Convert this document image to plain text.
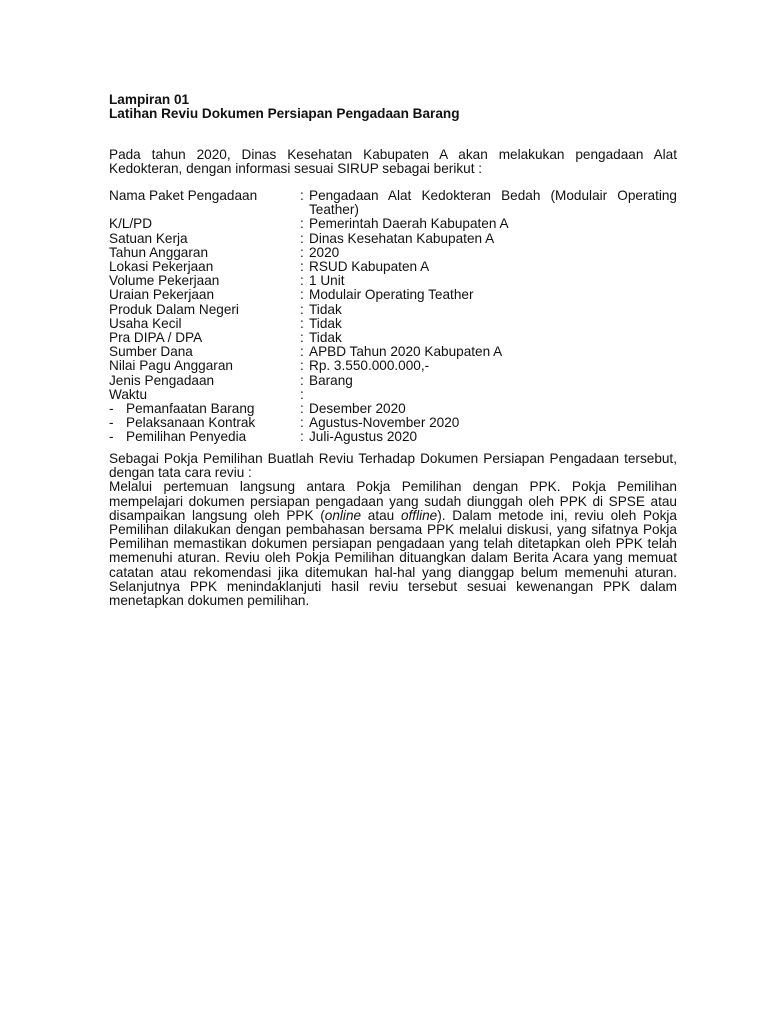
Lampiran 01
Latihan Reviu Dokumen Persiapan Pengadaan Barang
Pada tahun 2020, Dinas Kesehatan Kabupaten A akan melakukan pengadaan Alat Kedokteran, dengan informasi sesuai SIRUP sebagai berikut :
Nama Paket Pengadaan	: Pengadaan Alat Kedokteran Bedah (Modulair Operating Teather)
K/L/PD	: Pemerintah Daerah Kabupaten A
Satuan Kerja	: Dinas Kesehatan Kabupaten A
Tahun Anggaran	: 2020
Lokasi Pekerjaan	: RSUD Kabupaten A
Volume Pekerjaan	: 1 Unit
Uraian Pekerjaan	: Modulair Operating Teather
Produk Dalam Negeri	: Tidak
Usaha Kecil	: Tidak
Pra DIPA / DPA	: Tidak
Sumber Dana	: APBD Tahun 2020 Kabupaten A
Nilai Pagu Anggaran	: Rp. 3.550.000.000,-
Jenis Pengadaan	: Barang
Waktu	:
- Pemanfaatan Barang	: Desember 2020
- Pelaksanaan Kontrak	: Agustus-November 2020
- Pemilihan Penyedia	: Juli-Agustus 2020

Sebagai Pokja Pemilihan Buatlah Reviu Terhadap Dokumen Persiapan Pengadaan tersebut, dengan tata cara reviu :

Melalui pertemuan langsung antara Pokja Pemilihan dengan PPK. Pokja Pemilihan mempelajari dokumen persiapan pengadaan yang sudah diunggah oleh PPK di SPSE atau disampaikan langsung oleh PPK (online atau offline). Dalam metode ini, reviu oleh Pokja Pemilihan dilakukan dengan pembahasan bersama PPK melalui diskusi, yang sifatnya Pokja Pemilihan memastikan dokumen persiapan pengadaan yang telah ditetapkan oleh PPK telah memenuhi aturan. Reviu oleh Pokja Pemilihan dituangkan dalam Berita Acara yang memuat catatan atau rekomendasi jika ditemukan hal-hal yang dianggap belum memenuhi aturan. Selanjutnya PPK menindaklanjuti hasil reviu tersebut sesuai kewenangan PPK dalam menetapkan dokumen pemilihan.
